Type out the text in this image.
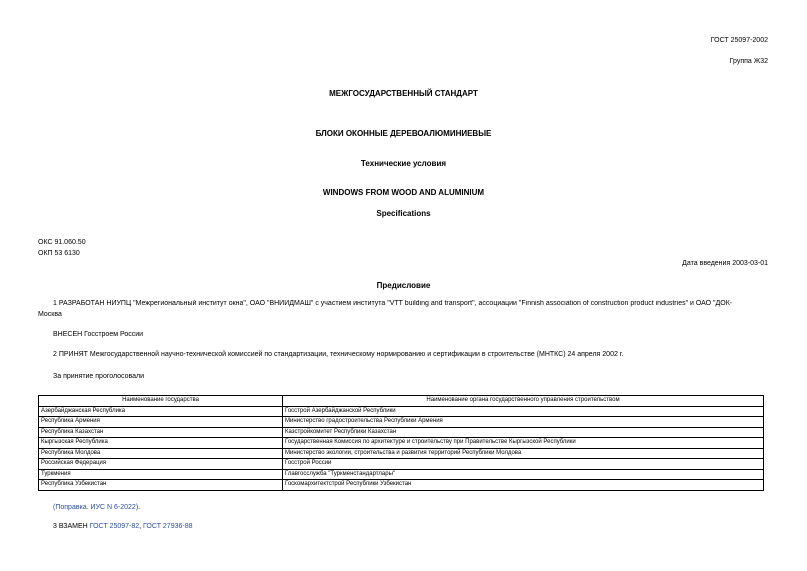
ГОСТ 25097-2002
Группа Ж32
МЕЖГОСУДАРСТВЕННЫЙ СТАНДАРТ
БЛОКИ ОКОННЫЕ ДЕРЕВОАЛЮМИНИЕВЫЕ
Технические условия
WINDOWS FROM WOOD AND ALUMINIUM
Specifications
ОКС 91.060.50
ОКП 53 6130
Дата введения 2003-03-01
Предисловие
1 РАЗРАБОТАН НИУПЦ "Межрегиональный институт окна", ОАО "ВНИИДМАШ" с участием института "VTT building and transport", ассоциации "Finnish association of construction product industries" и ОАО "ДОК-
Москва
ВНЕСЕН Госстроем России
2 ПРИНЯТ Межгосударственной научно-технической комиссией по стандартизации, техническому нормированию и сертификации в строительстве (МНТКС) 24 апреля 2002 г.
За принятие проголосовали
Наименование государства	Наименование органа государственного управления строительством
Азербайджанская Республика	Госстрой Азербайджанской Республики
Республика Армения	Министерство градостроительства Республики Армения
Республика Казахстан	Казстройкомитет Республики Казахстан
Кыргызская Республика	Государственная Комиссия по архитектуре и строительству при Правительстве Кыргызской Республики
Республика Молдова	Министерство экологии, строительства и развития территорий Республики Молдова
Российская Федерация	Госстрой России
Туркмения	Главгосслужба "Туркменстандартлары"
Республика Узбекистан	Госкомархитектстрой Республики Узбекистан
(Поправка. ИУС N 6-2022).
3 ВЗАМЕН ГОСТ 25097-82, ГОСТ 27936-88
